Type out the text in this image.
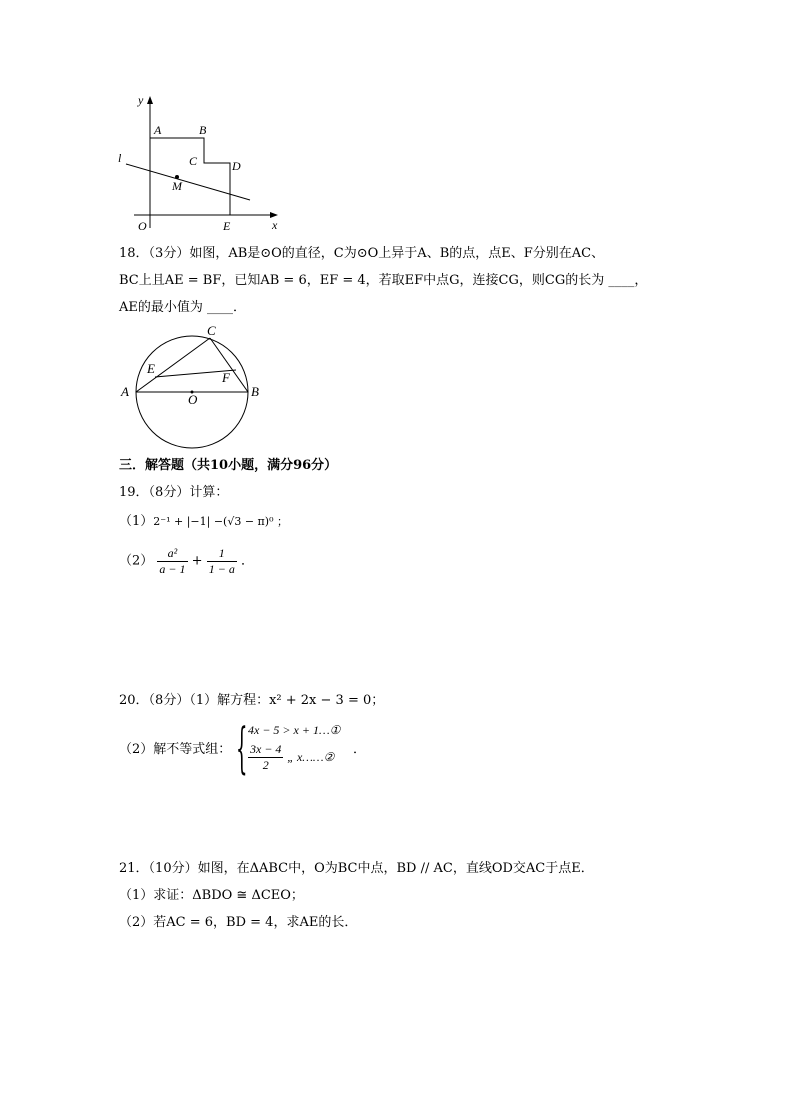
y
x
O
A	B
C	D
E
M
l
18．（3分）如图，AB是⊙O的直径，C为⊙O上异于A、B的点，点E、F分别在AC、
BC上且AE = BF，已知AB = 6，EF = 4，若取EF中点G，连接CG，则CG的长为 ____，
AE的最小值为 ____．
A	B
C
E
F
O
三．解答题（共10小题，满分96分）
19．（8分）计算：
（1）2⁻¹ + |−1| −(√3 − π)⁰ ；
$(2) \frac{\text{a²}}{a - 1} + \frac{1}{1 - a}$ ．
20．（8分）（1）解方程：x² + 2x − 3 = 0；
（2）解不等式组： { 4x − 5 > x + 1…①
$\frac{3x - 4}{2}$ „ x……② ．
21．（10分）如图，在ΔABC中，O为BC中点，BD // AC，直线OD交AC于点E．
（1）求证：ΔBDO ≅ ΔCEO；
（2）若AC = 6，BD = 4，求AE的长．
